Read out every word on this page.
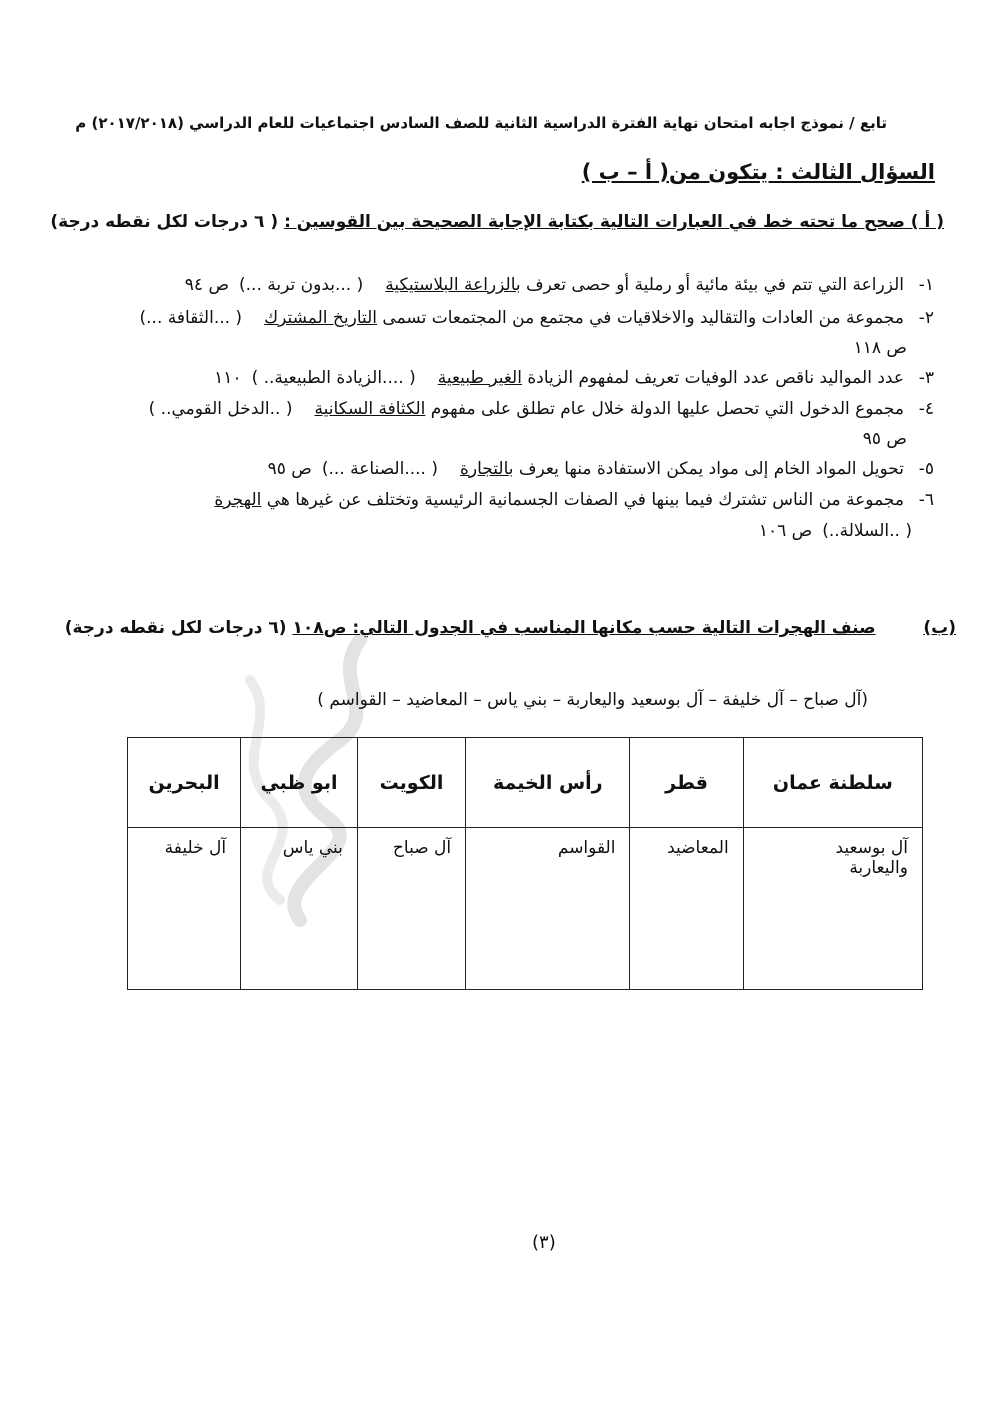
تابع / نموذج اجابه امتحان نهاية الفترة الدراسية الثانية للصف السادس اجتماعيات للعام الدراسي (٢٠١٧/٢٠١٨) م
السؤال الثالث : يتكون من( أ – ب )
( أ ) صحح ما تحته خط في العبارات التالية بكتابة الإجابة الصحيحة بين القوسين : ( ٦ درجات لكل نقطه درجة)
١-الزراعة التي تتم في بيئة مائية أو رملية أو حصى تعرف بالزراعة البلاستيكية( ...بدون تربة ...)ص ٩٤
٢-مجموعة من العادات والتقاليد والاخلاقيات في مجتمع من المجتمعات تسمى التاريخ المشترك( ...الثقافة ...)
ص ١١٨
٣-عدد المواليد ناقص عدد الوفيات تعريف لمفهوم الزيادة الغير طبيعية( ....الزيادة الطبيعية.. )١١٠
٤-مجموع الدخول التي تحصل عليها الدولة خلال عام تطلق على مفهوم الكثافة السكانية( ..الدخل القومي.. )
ص ٩٥
٥-تحويل المواد الخام إلى مواد يمكن الاستفادة منها يعرف بالتجارة( ....الصناعة ...)ص ٩٥
٦-مجموعة من الناس تشترك فيما بينها في الصفات الجسمانية الرئيسية وتختلف عن غيرها هي الهجرة
( ..السلالة..)ص ١٠٦
(ب)  صنف الهجرات التالية حسب مكانها المناسب في الجدول التالي: ص١٠٨ (٦ درجات لكل نقطه درجة)
(آل صباح – آل خليفة – آل بوسعيد واليعاربة – بني ياس – المعاضيد – القواسم )
سلطنة عمان	قطر	رأس الخيمة	الكويت	ابو ظبي	البحرين

آل بوسعيد واليعاربة	المعاضيد	القواسم	آل صباح	بني ياس	آل خليفة
(٣)
